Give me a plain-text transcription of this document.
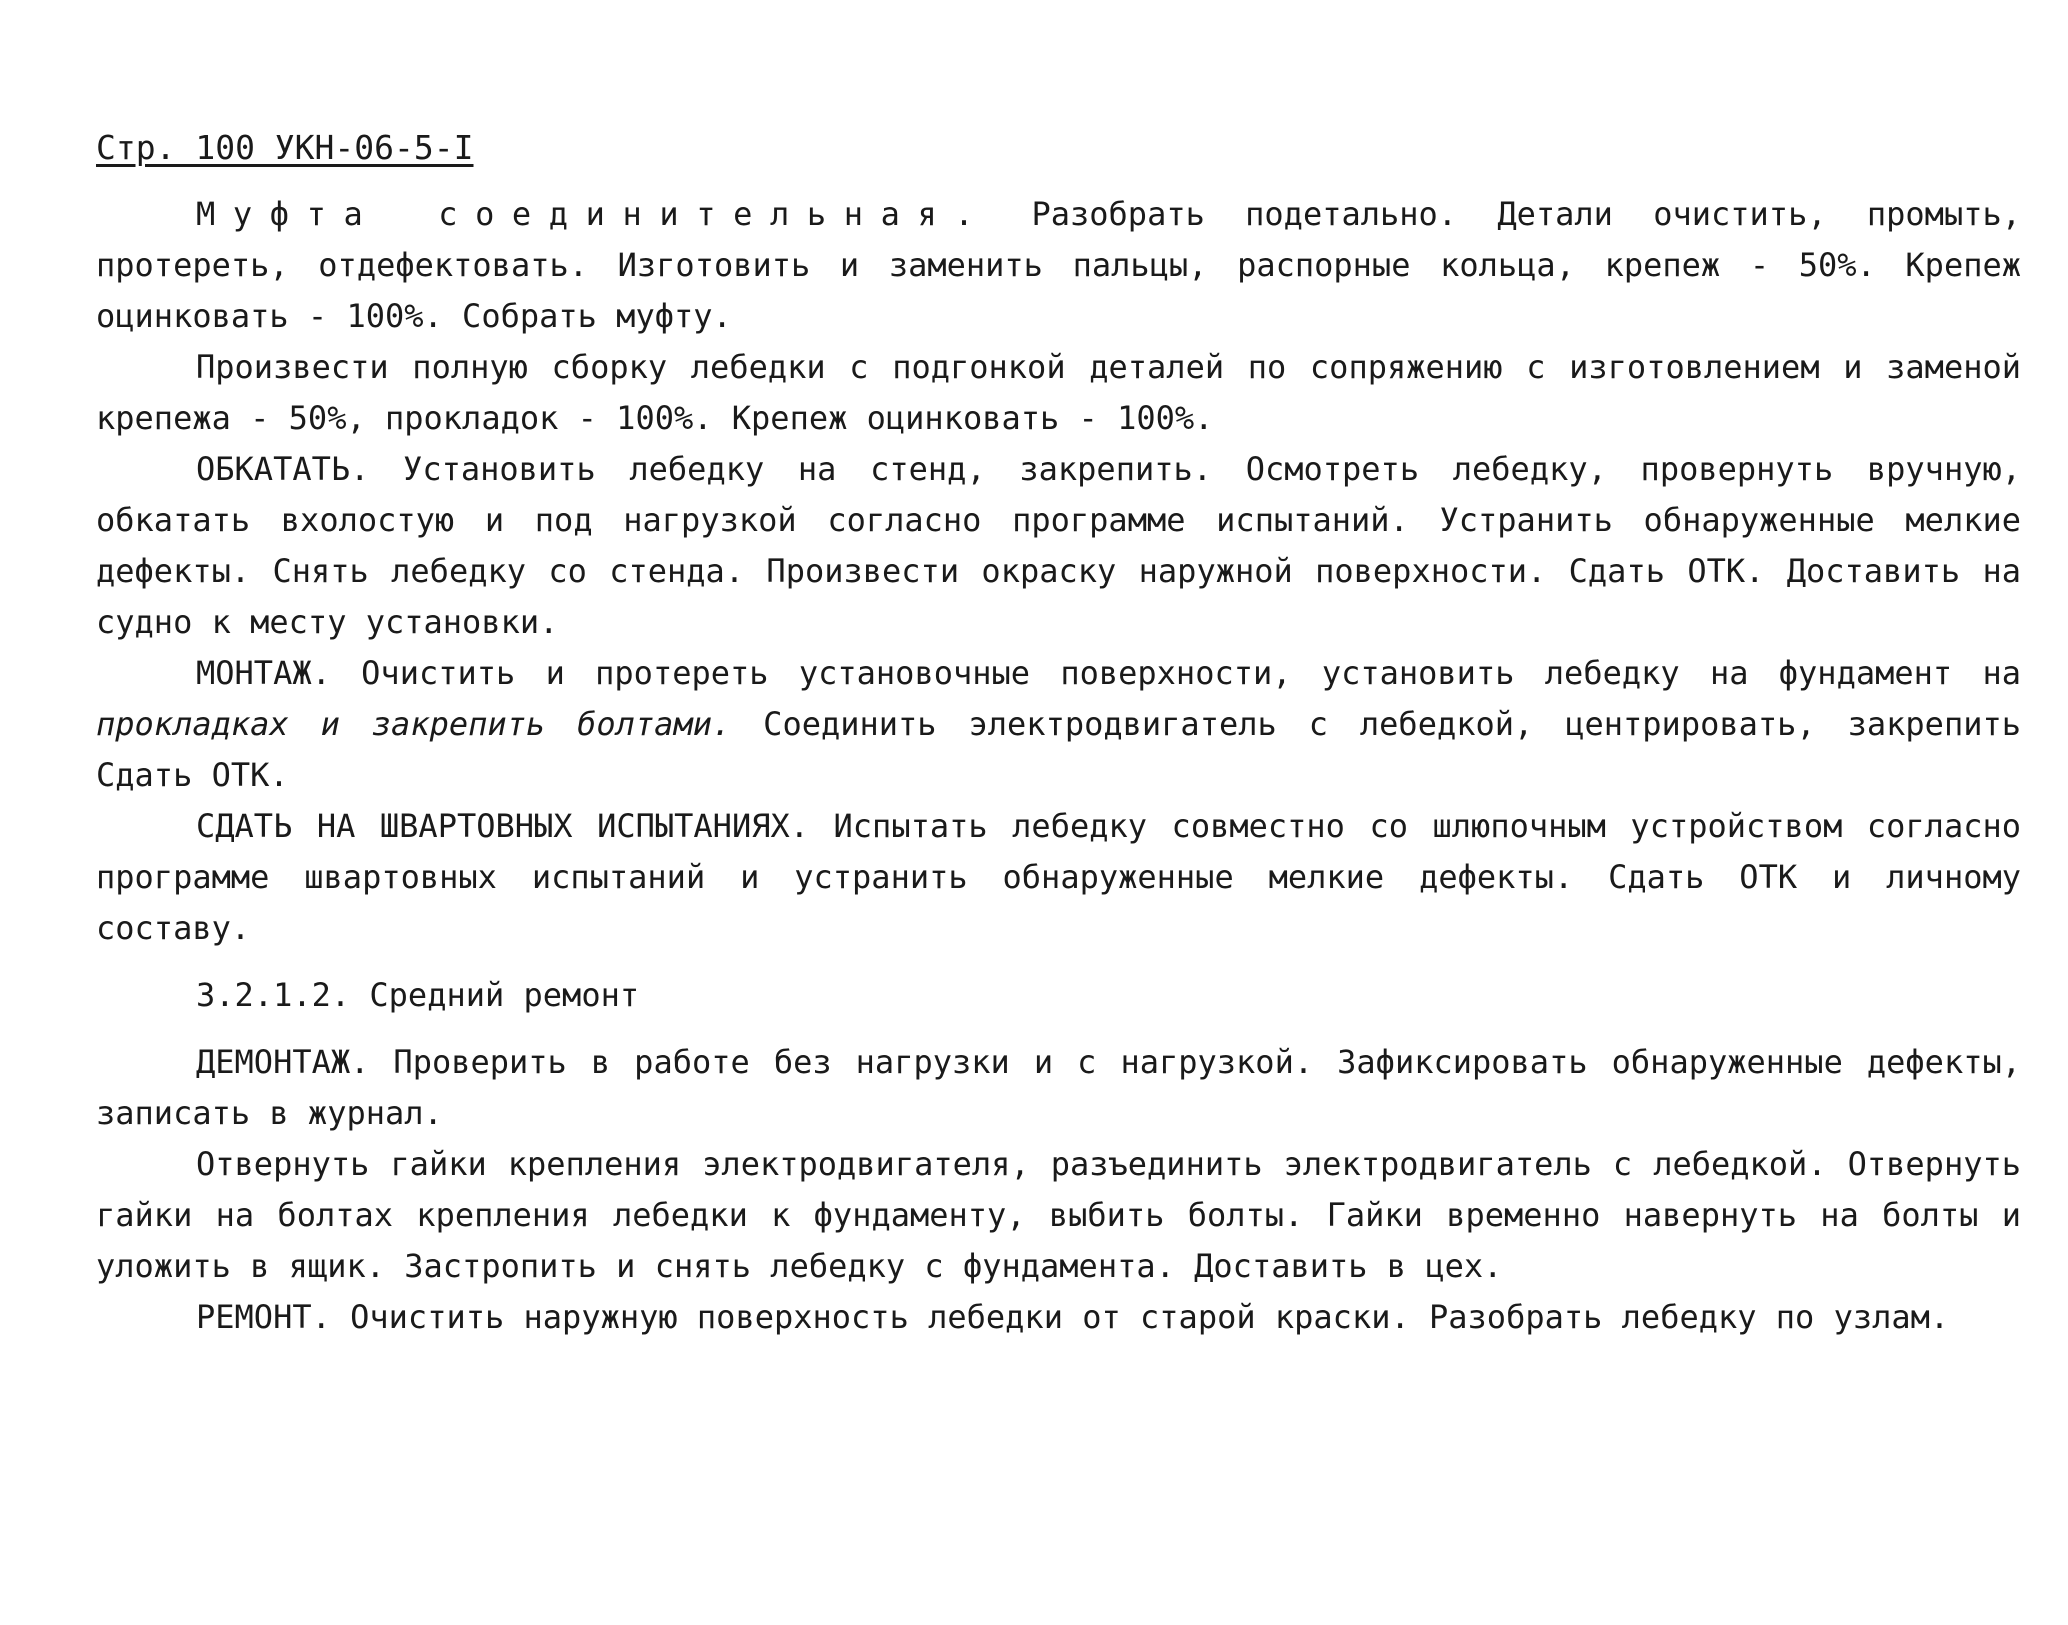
Стр. 100 УКН-06-5-I

Муфта соединительная. Разобрать подетально. Детали очистить, промыть, протереть, отдефектовать. Изготовить и заменить пальцы, распорные кольца, крепеж - 50%. Крепеж оцинковать - 100%. Собрать муфту.

Произвести полную сборку лебедки с подгонкой деталей по сопряжению с изготовлением и заменой крепежа - 50%, прокладок - 100%. Крепеж оцинковать - 100%.

ОБКАТАТЬ. Установить лебедку на стенд, закрепить. Осмотреть лебедку, провернуть вручную, обкатать вхолостую и под нагрузкой согласно программе испытаний. Устранить обнаруженные мелкие дефекты. Снять лебедку со стенда. Произвести окраску наружной поверхности. Сдать ОТК. Доставить на судно к месту установки.

МОНТАЖ. Очистить и протереть установочные поверхности, установить лебедку на фундамент на прокладках и закрепить болтами. Соединить электродвигатель с лебедкой, центрировать, закрепить Сдать ОТК.

СДАТЬ НА ШВАРТОВНЫХ ИСПЫТАНИЯХ. Испытать лебедку совместно со шлюпочным устройством согласно программе швартовных испытаний и устранить обнаруженные мелкие дефекты. Сдать ОТК и личному составу.

3.2.1.2. Средний ремонт

ДЕМОНТАЖ. Проверить в работе без нагрузки и с нагрузкой. Зафиксировать обнаруженные дефекты, записать в журнал.

Отвернуть гайки крепления электродвигателя, разъединить электродвигатель с лебедкой. Отвернуть гайки на болтах крепления лебедки к фундаменту, выбить болты. Гайки временно навернуть на болты и уложить в ящик. Застропить и снять лебедку с фундамента. Доставить в цех.

РЕМОНТ. Очистить наружную поверхность лебедки от старой краски. Разобрать лебедку по узлам.
